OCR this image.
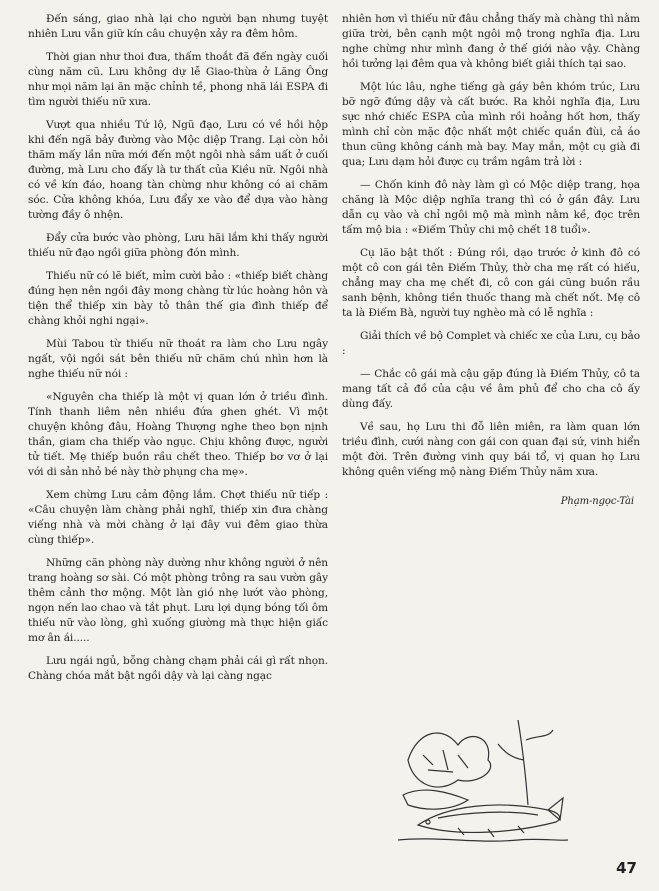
Đến sáng, giao nhà lại cho người bạn nhưng tuyệt nhiên Lưu vẫn giữ kín câu chuyện xảy ra đêm hôm.

Thời gian như thoi đưa, thấm thoắt đã đến ngày cuối cùng năm cũ. Lưu không dự lễ Giao-thừa ở Lăng Ông như mọi năm lại ăn mặc chỉnh tề, phong nhã lái ESPA đi tìm người thiếu nữ xưa.

Vượt qua nhiều Tứ lộ, Ngũ đạo, Lưu có về hồi hộp khi đến ngã bảy đường vào Mộc diệp Trang. Lại còn hỏi thăm mấy lần nữa mới đến một ngôi nhà sầm uất ở cuối đường, mà Lưu cho đấy là tư thất của Kiều nữ. Ngôi nhà có về kín đáo, hoang tàn chừng như không có ai chăm sóc. Cửa không khóa, Lưu đẩy xe vào để dựa vào hàng tường đầy ô nhện.

Đẩy cửa bước vào phòng, Lưu hãi lắm khi thấy người thiếu nữ đạo ngồi giữa phòng đón mình.

Thiếu nữ có lẽ biết, mỉm cười bảo : «thiếp biết chàng đúng hẹn nên ngồi đây mong chàng từ lúc hoàng hôn và tiện thể thiếp xin bày tỏ thân thế gia đình thiếp để chàng khỏi nghi ngại».

Mùi Tabou từ thiếu nữ thoát ra làm cho Lưu ngây ngất, vội ngồi sát bên thiếu nữ chăm chú nhìn hơn là nghe thiếu nữ nói :

«Nguyên cha thiếp là một vị quan lớn ở triều đình. Tính thanh liêm nên nhiều đứa ghen ghét. Vì một chuyện không đâu, Hoàng Thượng nghe theo bọn nịnh thần, giam cha thiếp vào ngục. Chịu không được, người tử tiết. Mẹ thiếp buồn rầu chết theo. Thiếp bơ vơ ở lại với di sản nhỏ bé này thờ phụng cha mẹ».

Xem chừng Lưu cảm động lắm. Chợt thiếu nữ tiếp : «Câu chuyện làm chàng phải nghĩ, thiếp xin đưa chàng viếng nhà và mời chàng ở lại đây vui đêm giao thừa cùng thiếp».

Những căn phòng này dường như không người ở nên trang hoàng sơ sài. Có một phòng trông ra sau vườn gây thêm cảnh thơ mộng. Một làn gió nhẹ lướt vào phòng, ngọn nến lao chao và tắt phụt. Lưu lợi dụng bóng tối ôm thiếu nữ vào lòng, ghì xuống giường mà thực hiện giấc mơ ân ái.....

Lưu ngái ngủ, bỗng chàng chạm phải cái gì rất nhọn. Chàng chóa mắt bật ngồi dậy và lại càng ngạc

nhiên hơn vì thiếu nữ đâu chẳng thấy mà chàng thì nằm giữa trời, bên cạnh một ngôi mộ trong nghĩa địa. Lưu nghe chừng như mình đang ở thế giới nào vậy. Chàng hồi tưởng lại đêm qua và không biết giải thích tại sao.

Một lúc lâu, nghe tiếng gà gáy bên khóm trúc, Lưu bỡ ngỡ đứng dậy và cất bước. Ra khỏi nghĩa địa, Lưu sực nhớ chiếc ESPA của mình rồi hoảng hốt hơn, thấy mình chỉ còn mặc độc nhất một chiếc quần đùi, cả áo thun cũng không cánh mà bay. May mắn, một cụ già đi qua; Lưu dạm hỏi được cụ trầm ngâm trả lời :

— Chốn kinh đô này làm gì có Mộc diệp trang, họa chăng là Mộc diệp nghĩa trang thì có ở gần đây. Lưu dẫn cụ vào và chỉ ngôi mộ mà mình nằm kề, đọc trên tấm mộ bia : «Điếm Thủy chi mộ chết 18 tuổi».

Cụ lão bật thốt : Đúng rồi, dạo trước ở kinh đô có một cô con gái tên Điếm Thủy, thờ cha mẹ rất có hiếu, chẳng may cha mẹ chết đi, cô con gái cũng buồn rầu sanh bệnh, không tiền thuốc thang mà chết nốt. Mẹ cô ta là Điếm Bà, người tuy nghèo mà có lễ nghĩa :

Giải thích về bộ Complet và chiếc xe của Lưu, cụ bảo :

— Chắc cô gái mà cậu gặp đúng là Điếm Thủy, cô ta mang tất cả đồ của cậu về âm phủ để cho cha cô ấy dùng đấy.

Về sau, họ Lưu thi đỗ liên miên, ra làm quan lớn triều đình, cưới nàng con gái con quan đại sứ, vinh hiển một đời. Trên đường vinh quy bái tổ, vị quan họ Lưu không quên viếng mộ nàng Điếm Thủy năm xưa.

Phạm-ngọc-Tài
47
